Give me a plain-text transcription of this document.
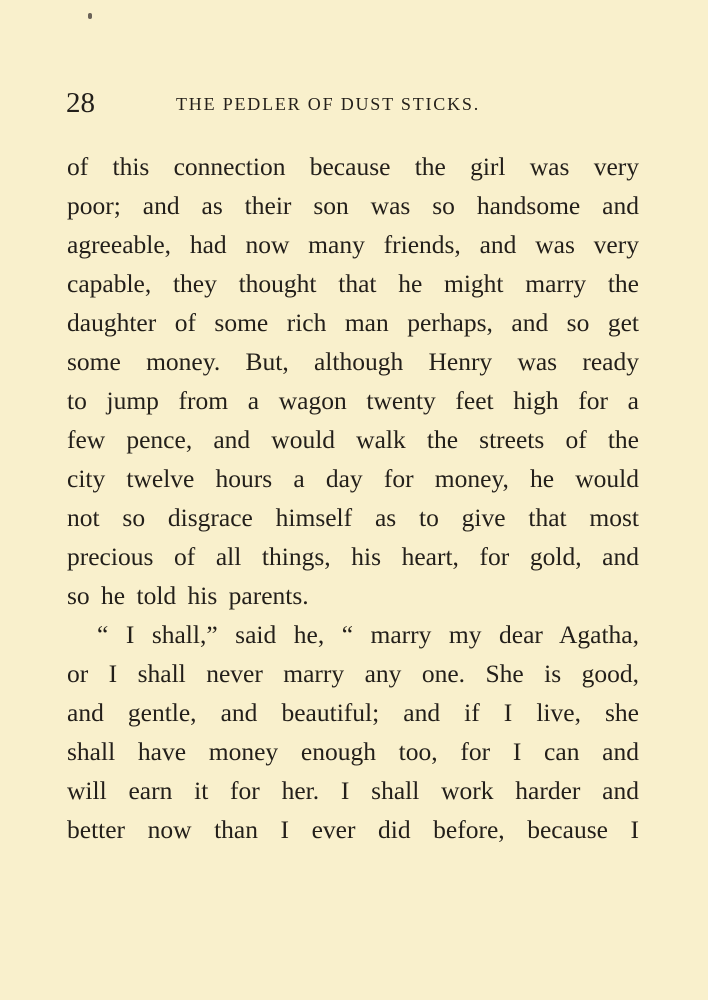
28	THE PEDLER OF DUST STICKS.
of this connection because the girl was very
poor; and as their son was so handsome and
agreeable, had now many friends, and was very
capable, they thought that he might marry the
daughter of some rich man perhaps, and so get
some money. But, although Henry was ready
to jump from a wagon twenty feet high for a
few pence, and would walk the streets of the
city twelve hours a day for money, he would
not so disgrace himself as to give that most
precious of all things, his heart, for gold, and
so he told his parents.
“ I shall,” said he, “ marry my dear Agatha,
or I shall never marry any one. She is good,
and gentle, and beautiful; and if I live, she
shall have money enough too, for I can and
will earn it for her. I shall work harder and
better now than I ever did before, because I
